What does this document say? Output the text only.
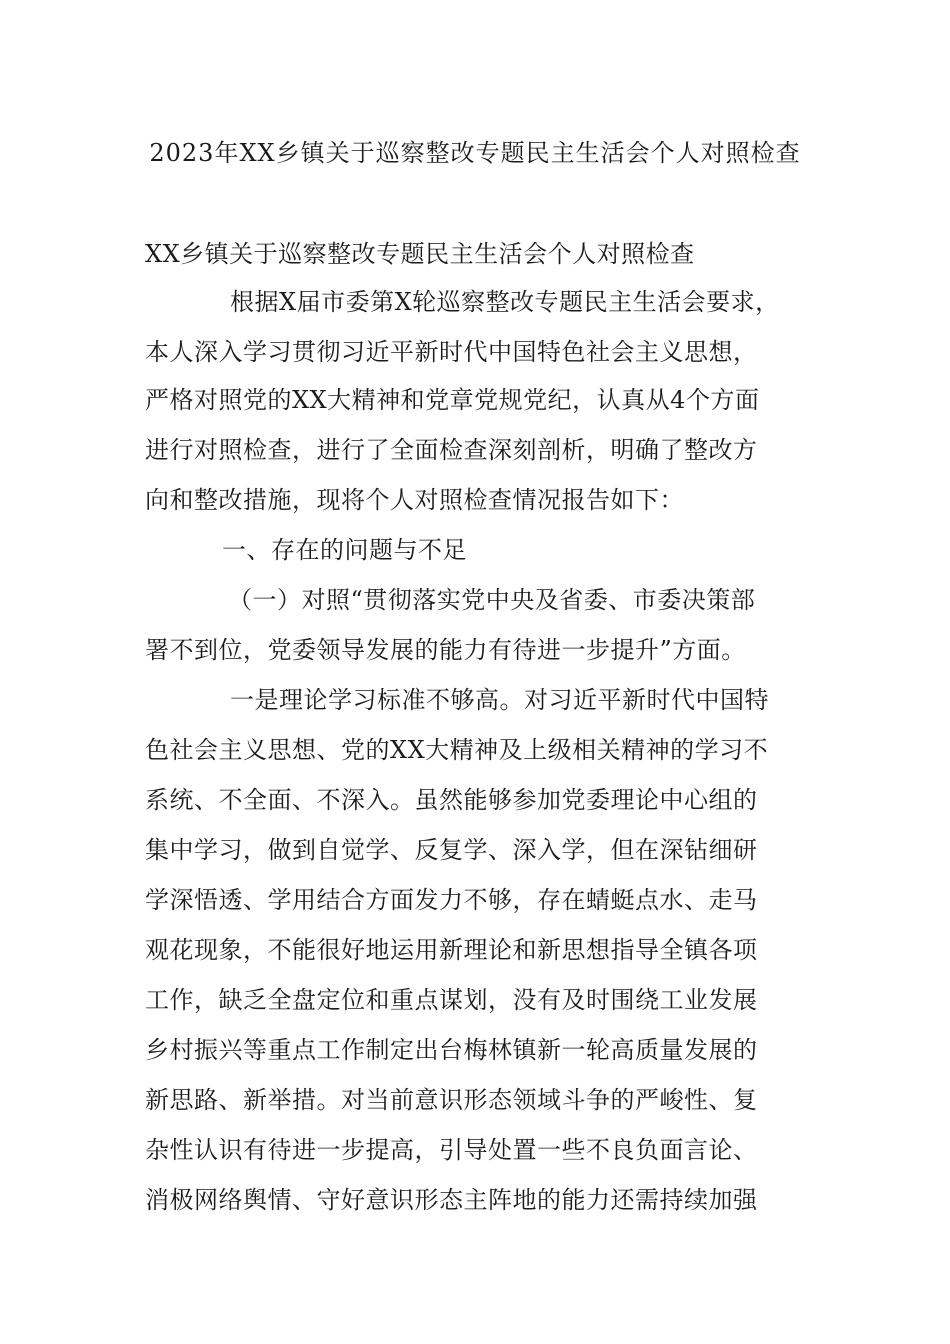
2023年XX乡镇关于巡察整改专题民主生活会个人对照检查
XX乡镇关于巡察整改专题民主生活会个人对照检查
根据X届市委第X轮巡察整改专题民主生活会要求，
本人深入学习贯彻习近平新时代中国特色社会主义思想，
严格对照党的XX大精神和党章党规党纪，认真从4个方面
进行对照检查，进行了全面检查深刻剖析，明确了整改方
向和整改措施，现将个人对照检查情况报告如下：
一、存在的问题与不足
（一）对照“贯彻落实党中央及省委、市委决策部
署不到位，党委领导发展的能力有待进一步提升”方面。
一是理论学习标准不够高。对习近平新时代中国特
色社会主义思想、党的XX大精神及上级相关精神的学习不
系统、不全面、不深入。虽然能够参加党委理论中心组的
集中学习，做到自觉学、反复学、深入学，但在深钻细研
学深悟透、学用结合方面发力不够，存在蜻蜓点水、走马
观花现象，不能很好地运用新理论和新思想指导全镇各项
工作，缺乏全盘定位和重点谋划，没有及时围绕工业发展
乡村振兴等重点工作制定出台梅林镇新一轮高质量发展的
新思路、新举措。对当前意识形态领域斗争的严峻性、复
杂性认识有待进一步提高，引导处置一些不良负面言论、
消极网络舆情、守好意识形态主阵地的能力还需持续加强
